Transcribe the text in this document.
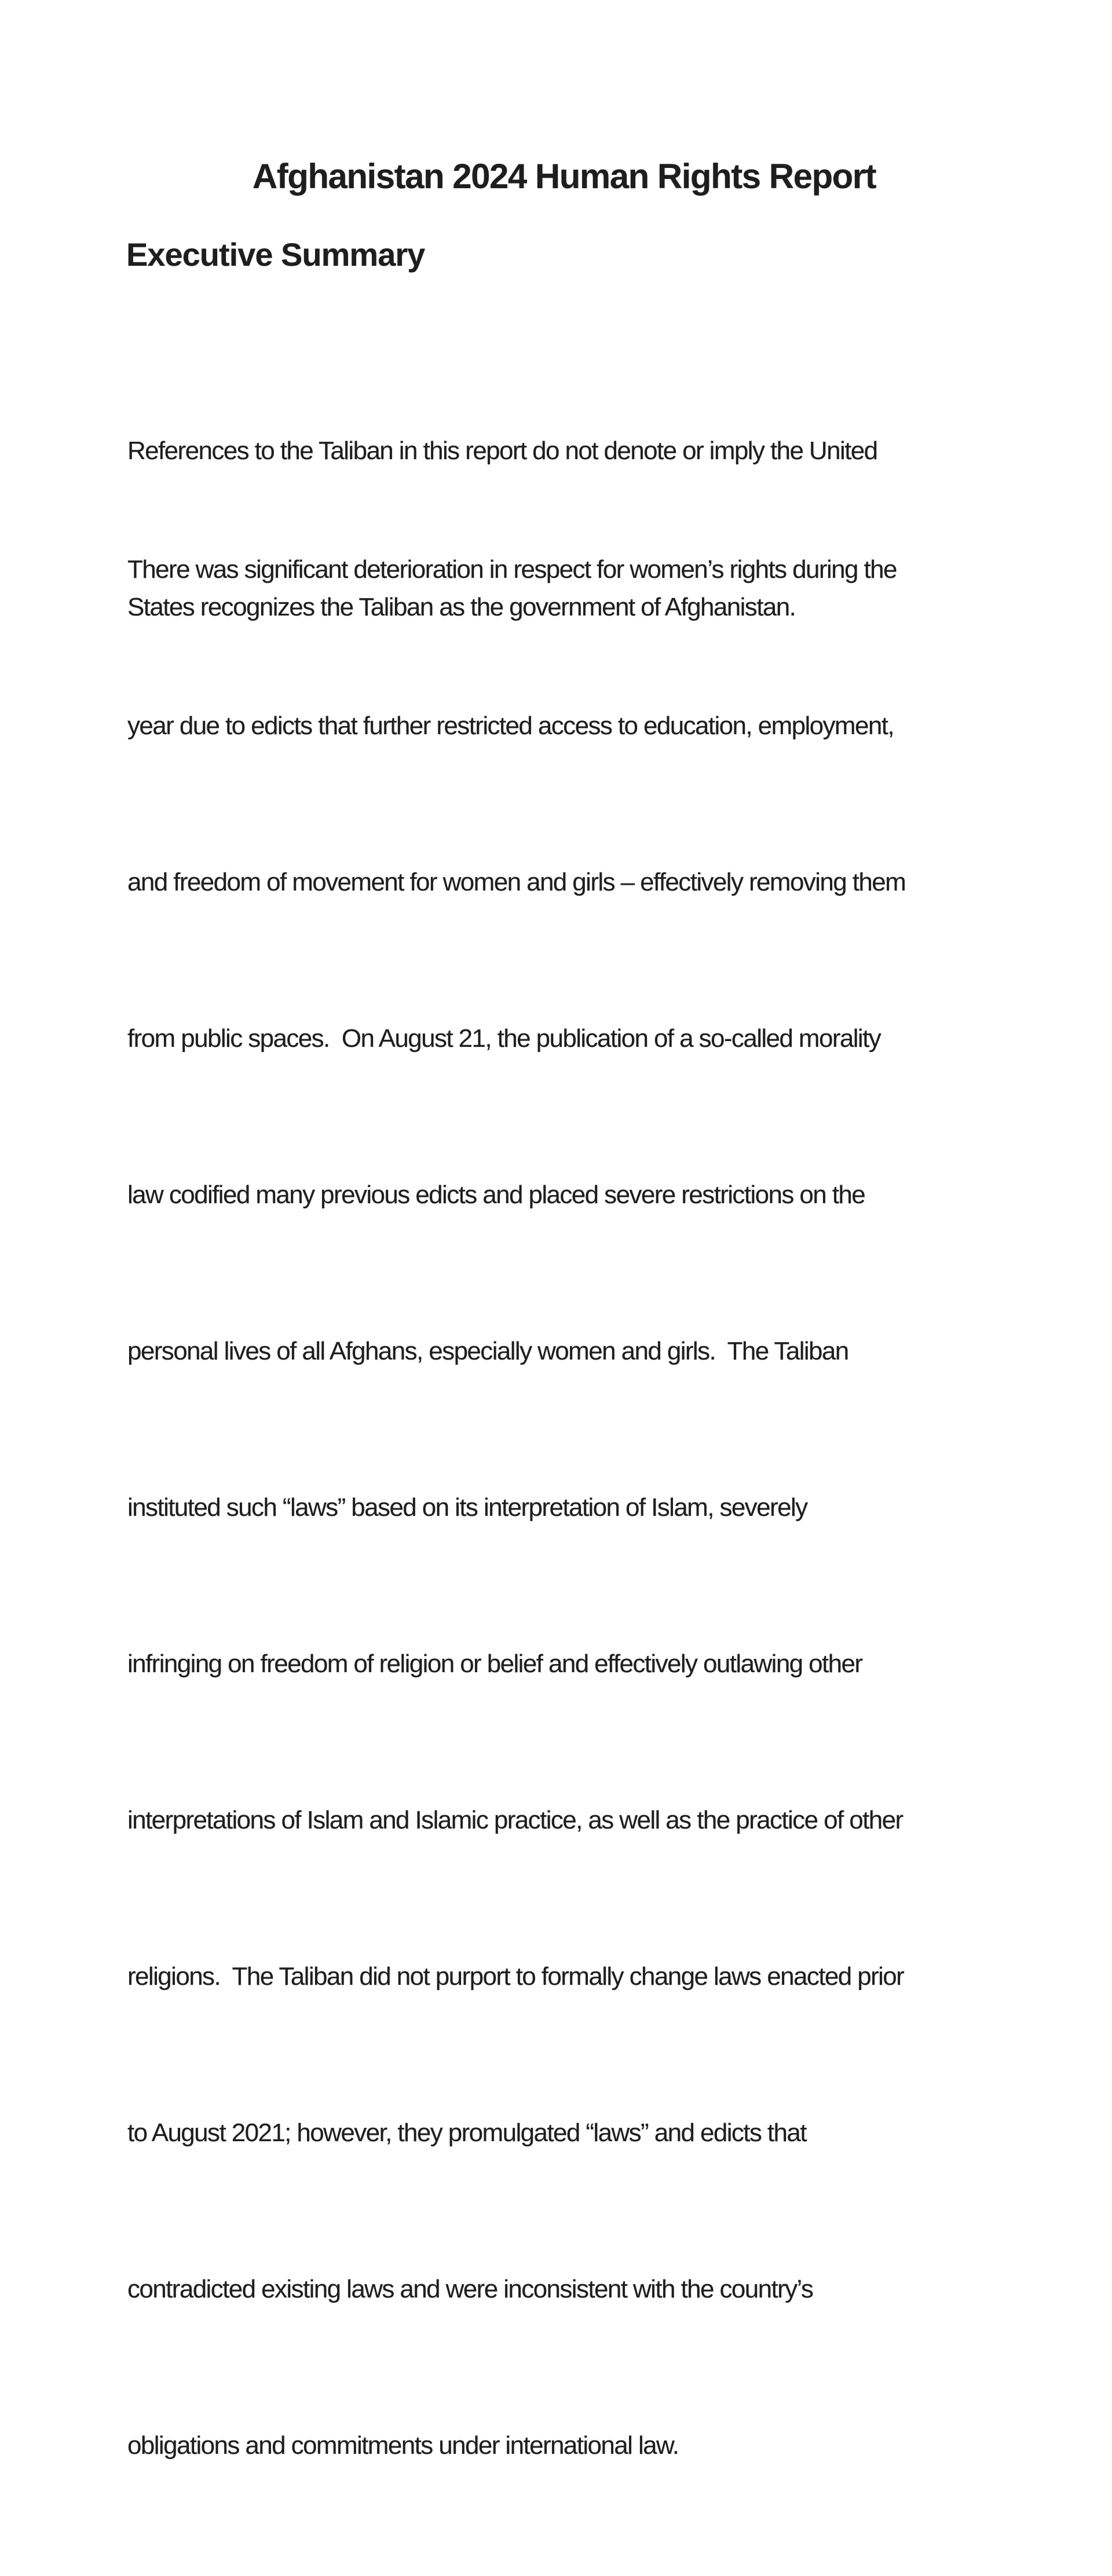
Afghanistan 2024 Human Rights Report
Executive Summary

References to the Taliban in this report do not denote or imply the United

States recognizes the Taliban as the government of Afghanistan.

There was significant deterioration in respect for women’s rights during the

year due to edicts that further restricted access to education, employment,

and freedom of movement for women and girls – effectively removing them

from public spaces.  On August 21, the publication of a so-called morality

law codified many previous edicts and placed severe restrictions on the

personal lives of all Afghans, especially women and girls.  The Taliban

instituted such “laws” based on its interpretation of Islam, severely

infringing on freedom of religion or belief and effectively outlawing other

interpretations of Islam and Islamic practice, as well as the practice of other

religions.  The Taliban did not purport to formally change laws enacted prior

to August 2021; however, they promulgated “laws” and edicts that

contradicted existing laws and were inconsistent with the country’s

obligations and commitments under international law.
